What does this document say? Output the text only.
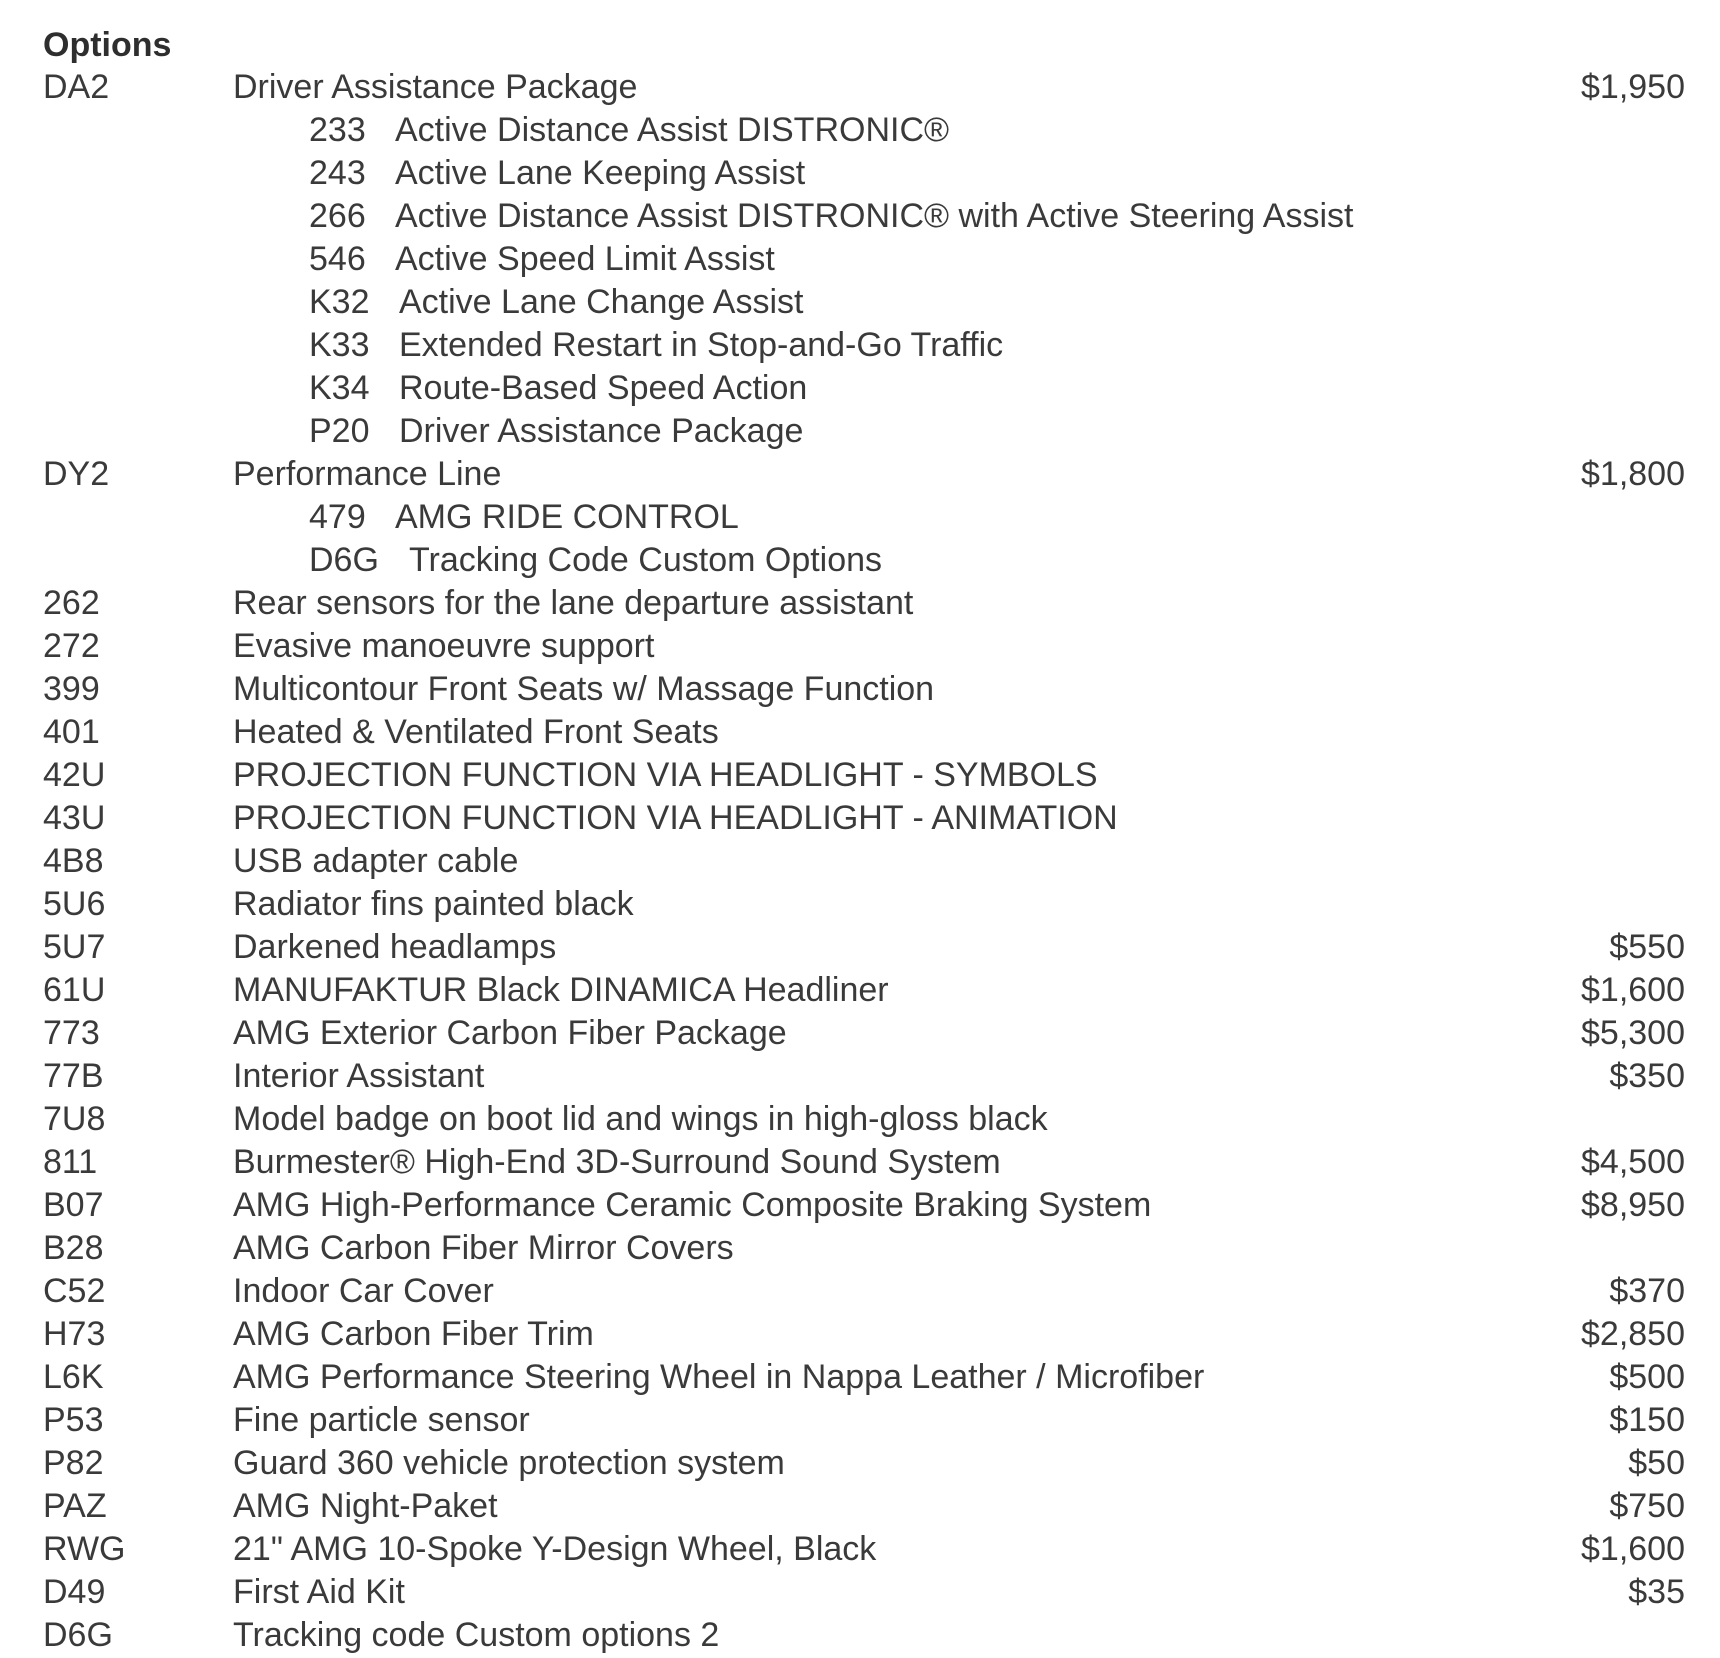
Options
DA2	Driver Assistance Package	$1,950
233 Active Distance Assist DISTRONIC®
243 Active Lane Keeping Assist
266 Active Distance Assist DISTRONIC® with Active Steering Assist
546 Active Speed Limit Assist
K32 Active Lane Change Assist
K33 Extended Restart in Stop-and-Go Traffic
K34 Route-Based Speed Action
P20 Driver Assistance Package
DY2	Performance Line	$1,800
479 AMG RIDE CONTROL
D6G Tracking Code Custom Options
262	Rear sensors for the lane departure assistant
272	Evasive manoeuvre support
399	Multicontour Front Seats w/ Massage Function
401	Heated & Ventilated Front Seats
42U	PROJECTION FUNCTION VIA HEADLIGHT - SYMBOLS
43U	PROJECTION FUNCTION VIA HEADLIGHT - ANIMATION
4B8	USB adapter cable
5U6	Radiator fins painted black
5U7	Darkened headlamps	$550
61U	MANUFAKTUR Black DINAMICA Headliner	$1,600
773	AMG Exterior Carbon Fiber Package	$5,300
77B	Interior Assistant	$350
7U8	Model badge on boot lid and wings in high-gloss black
811	Burmester® High-End 3D-Surround Sound System	$4,500
B07	AMG High-Performance Ceramic Composite Braking System	$8,950
B28	AMG Carbon Fiber Mirror Covers
C52	Indoor Car Cover	$370
H73	AMG Carbon Fiber Trim	$2,850
L6K	AMG Performance Steering Wheel in Nappa Leather / Microfiber	$500
P53	Fine particle sensor	$150
P82	Guard 360 vehicle protection system	$50
PAZ	AMG Night-Paket	$750
RWG	21" AMG 10-Spoke Y-Design Wheel, Black	$1,600
D49	First Aid Kit	$35
D6G	Tracking code Custom options 2
